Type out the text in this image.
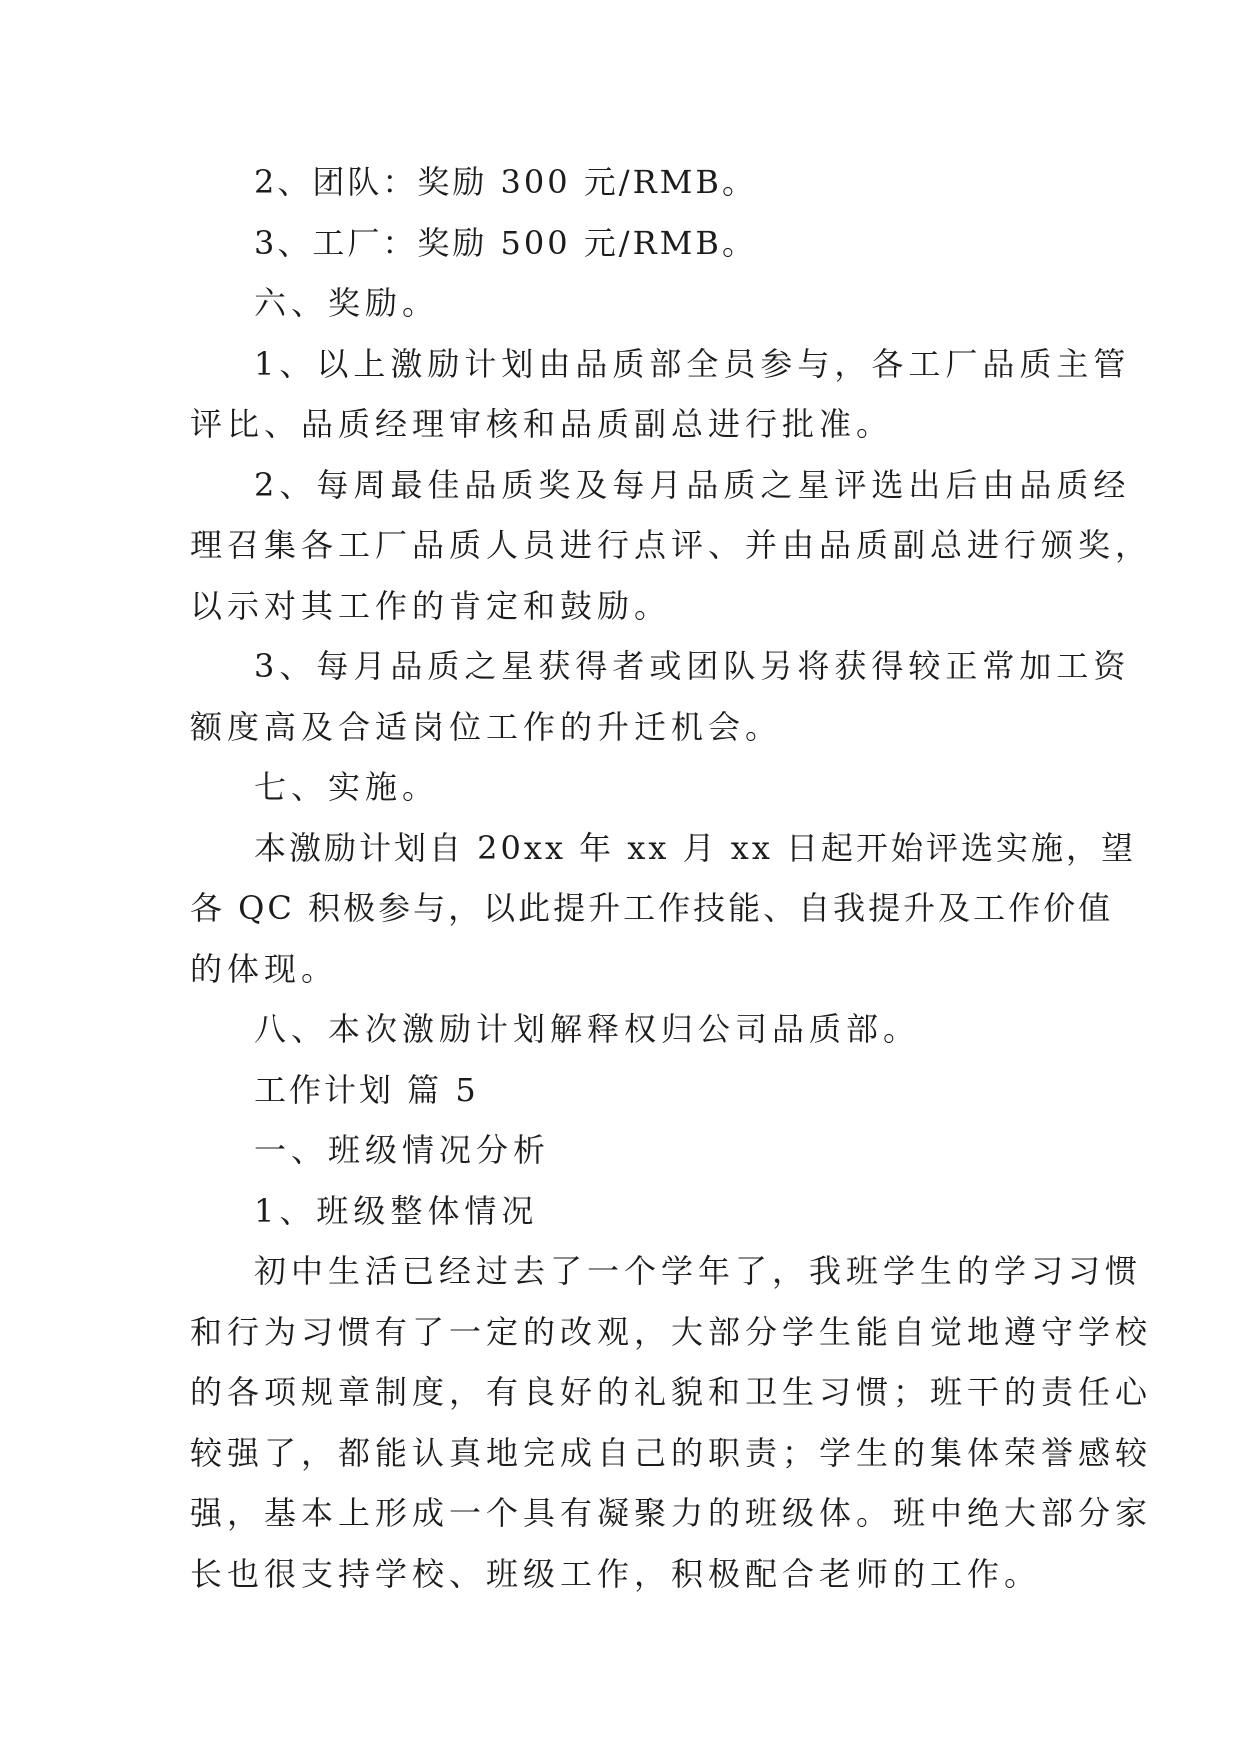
2、团队：奖励 300 元/RMB。
3、工厂：奖励 500 元/RMB。
六、奖励。
1、以上激励计划由品质部全员参与，各工厂品质主管
评比、品质经理审核和品质副总进行批准。
2、每周最佳品质奖及每月品质之星评选出后由品质经
理召集各工厂品质人员进行点评、并由品质副总进行颁奖，
以示对其工作的肯定和鼓励。
3、每月品质之星获得者或团队另将获得较正常加工资
额度高及合适岗位工作的升迁机会。
七、实施。
本激励计划自 20xx 年 xx 月 xx 日起开始评选实施，望
各 QC 积极参与，以此提升工作技能、自我提升及工作价值
的体现。
八、本次激励计划解释权归公司品质部。
工作计划 篇 5
一、班级情况分析
1、班级整体情况
初中生活已经过去了一个学年了，我班学生的学习习惯
和行为习惯有了一定的改观，大部分学生能自觉地遵守学校
的各项规章制度，有良好的礼貌和卫生习惯；班干的责任心
较强了，都能认真地完成自己的职责；学生的集体荣誉感较
强，基本上形成一个具有凝聚力的班级体。班中绝大部分家
长也很支持学校、班级工作，积极配合老师的工作。
